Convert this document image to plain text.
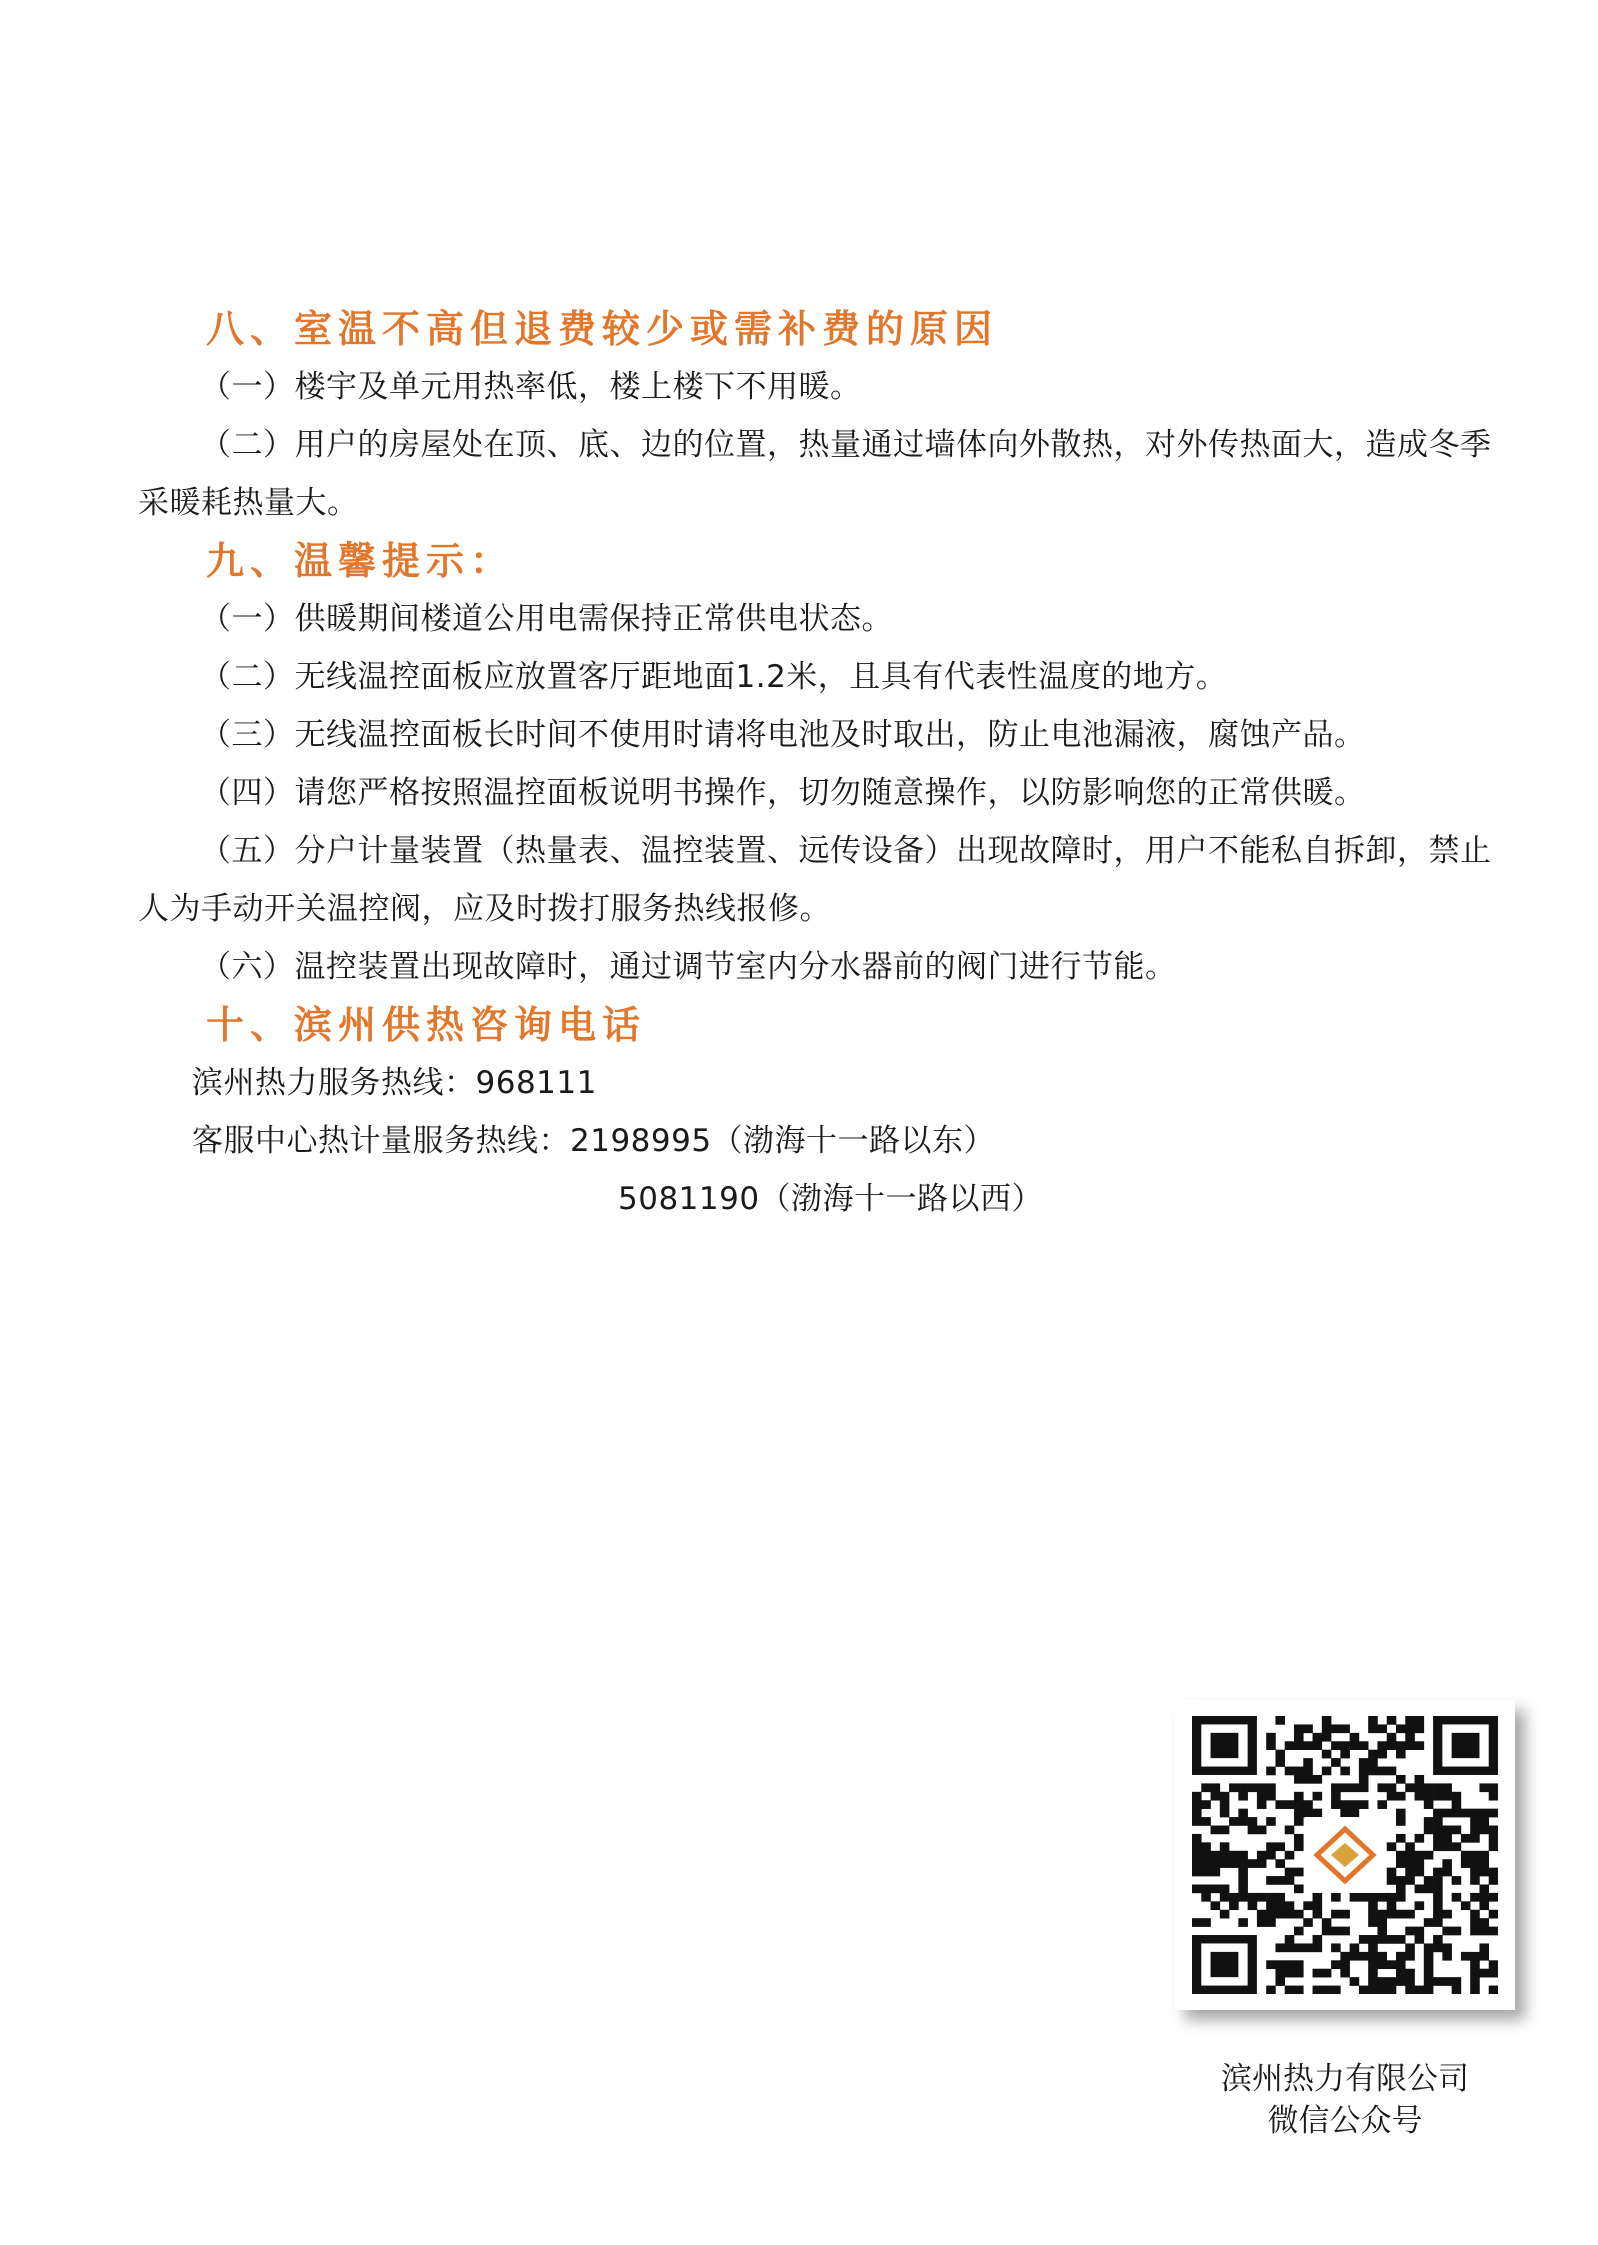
八、室温不高但退费较少或需补费的原因
（一）楼宇及单元用热率低，楼上楼下不用暖。
（二）用户的房屋处在顶、底、边的位置，热量通过墙体向外散热，对外传热面大，造成冬季采暖耗热量大。
九、温馨提示：
（一）供暖期间楼道公用电需保持正常供电状态。
（二）无线温控面板应放置客厅距地面1.2米，且具有代表性温度的地方。
（三）无线温控面板长时间不使用时请将电池及时取出，防止电池漏液，腐蚀产品。
（四）请您严格按照温控面板说明书操作，切勿随意操作，以防影响您的正常供暖。
（五）分户计量装置（热量表、温控装置、远传设备）出现故障时，用户不能私自拆卸，禁止人为手动开关温控阀，应及时拨打服务热线报修。
（六）温控装置出现故障时，通过调节室内分水器前的阀门进行节能。
十、滨州供热咨询电话
滨州热力服务热线：968111
客服中心热计量服务热线：2198995（渤海十一路以东）
5081190（渤海十一路以西）
滨州热力有限公司
微信公众号
